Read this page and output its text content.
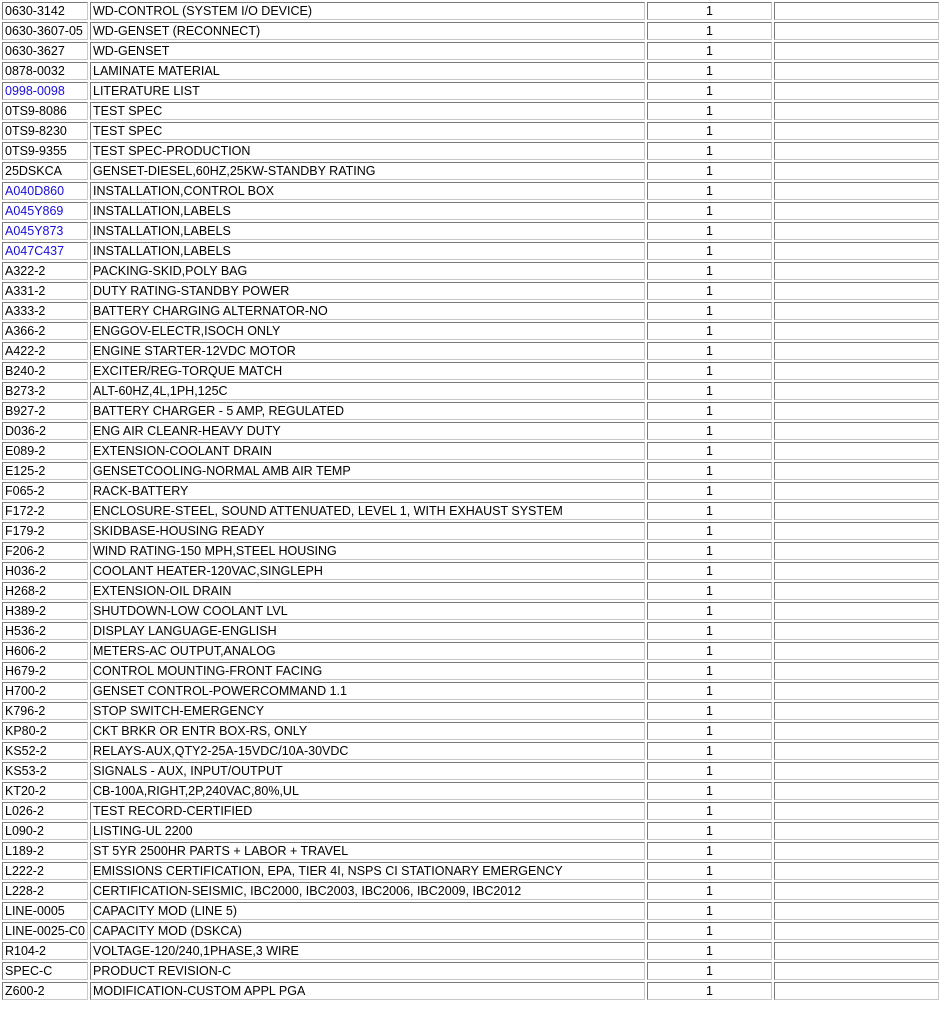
0630-3142	WD-CONTROL (SYSTEM I/O DEVICE)	1	
0630-3607-05	WD-GENSET (RECONNECT)	1	
0630-3627	WD-GENSET	1	
0878-0032	LAMINATE MATERIAL	1	
0998-0098	LITERATURE LIST	1	
0TS9-8086	TEST SPEC	1	
0TS9-8230	TEST SPEC	1	
0TS9-9355	TEST SPEC-PRODUCTION	1	
25DSKCA	GENSET-DIESEL,60HZ,25KW-STANDBY RATING	1	
A040D860	INSTALLATION,CONTROL BOX	1	
A045Y869	INSTALLATION,LABELS	1	
A045Y873	INSTALLATION,LABELS	1	
A047C437	INSTALLATION,LABELS	1	
A322-2	PACKING-SKID,POLY BAG	1	
A331-2	DUTY RATING-STANDBY POWER	1	
A333-2	BATTERY CHARGING ALTERNATOR-NO	1	
A366-2	ENGGOV-ELECTR,ISOCH ONLY	1	
A422-2	ENGINE STARTER-12VDC MOTOR	1	
B240-2	EXCITER/REG-TORQUE MATCH	1	
B273-2	ALT-60HZ,4L,1PH,125C	1	
B927-2	BATTERY CHARGER - 5 AMP, REGULATED	1	
D036-2	ENG AIR CLEANR-HEAVY DUTY	1	
E089-2	EXTENSION-COOLANT DRAIN	1	
E125-2	GENSETCOOLING-NORMAL AMB AIR TEMP	1	
F065-2	RACK-BATTERY	1	
F172-2	ENCLOSURE-STEEL, SOUND ATTENUATED, LEVEL 1, WITH EXHAUST SYSTEM	1	
F179-2	SKIDBASE-HOUSING READY	1	
F206-2	WIND RATING-150 MPH,STEEL HOUSING	1	
H036-2	COOLANT HEATER-120VAC,SINGLEPH	1	
H268-2	EXTENSION-OIL DRAIN	1	
H389-2	SHUTDOWN-LOW COOLANT LVL	1	
H536-2	DISPLAY LANGUAGE-ENGLISH	1	
H606-2	METERS-AC OUTPUT,ANALOG	1	
H679-2	CONTROL MOUNTING-FRONT FACING	1	
H700-2	GENSET CONTROL-POWERCOMMAND 1.1	1	
K796-2	STOP SWITCH-EMERGENCY	1	
KP80-2	CKT BRKR OR ENTR BOX-RS, ONLY	1	
KS52-2	RELAYS-AUX,QTY2-25A-15VDC/10A-30VDC	1	
KS53-2	SIGNALS - AUX, INPUT/OUTPUT	1	
KT20-2	CB-100A,RIGHT,2P,240VAC,80%,UL	1	
L026-2	TEST RECORD-CERTIFIED	1	
L090-2	LISTING-UL 2200	1	
L189-2	ST 5YR 2500HR PARTS + LABOR + TRAVEL	1	
L222-2	EMISSIONS CERTIFICATION, EPA, TIER 4I, NSPS CI STATIONARY EMERGENCY	1	
L228-2	CERTIFICATION-SEISMIC, IBC2000, IBC2003, IBC2006, IBC2009, IBC2012	1	
LINE-0005	CAPACITY MOD (LINE 5)	1	
LINE-0025-C0	CAPACITY MOD (DSKCA)	1	
R104-2	VOLTAGE-120/240,1PHASE,3 WIRE	1	
SPEC-C	PRODUCT REVISION-C	1	
Z600-2	MODIFICATION-CUSTOM APPL PGA	1	
